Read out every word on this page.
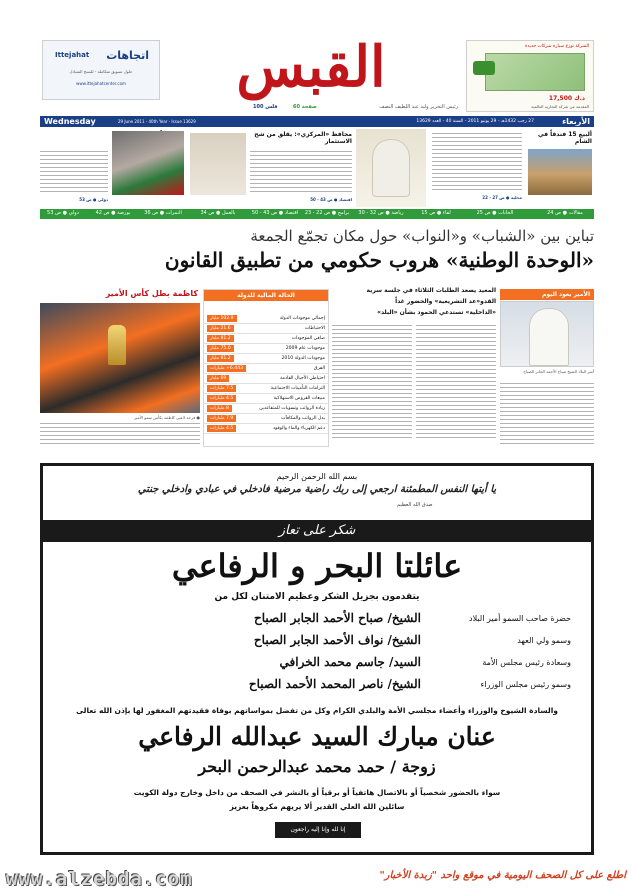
اتجاهات
Ittejahat
حلول تسويق متكاملة - للنسخ المتبادل
www.ittejahatcenter.com	القبس
رئيس التحرير وليد عبد اللطيف النصف
60 صفحة
100 فلس
الشركة توزع سيارة شركات جديدة
17,500 د.ك
المقدمة من شركة التجارية العالمية
Wednesday	29 June 2011 - 40th Year - Issue 13629	27 رجب 1432هـ - 29 يونيو 2011 - السنة 40 - العدد 13629	الأربعاء
دولي ● ص 53
محافظ «المركزي»: يقلق من شح الاستثمار
اقتصاد ● ص 43 - 50
ألبيع 15 فندقاً في الشام
محلية ● ص 27 - 22
دولي ● ص 53	التمرات ● ص 36	بالعمل ● ص 34	اقتصاد ● ص 43 - 50	برامج ● ص 22 - 23	رياضة ● ص 32 - 30	لقاء ● ص 15	الخانات ● ص 25	مقالات ● ص 24
بورصة ● ص 42
تباين بين «الشباب» و«النواب» حول مكان تجمّع الجمعة
«الوحدة الوطنية» هروب حكومي من تطبيق القانون
الأمير يعود اليوم
أمير البلاد الشيخ صباح الأحمد الجابر الصباح
المعيد يصعد الطلبات الثلاثاء في جلسة سرية
القدو«عد التشريعية» والحضور غداً
«الداخلية» تستدعي الحمود بشأن «البلد»
الحالة المالية للدولة
إجمالي موجودات الدولة
102.9 مليار
الاحتياطات
21.6 مليار
صافي الموجودات
81.2 مليار
موجودات عام 2009
75.0 مليار
موجودات الدولة 2010
81.2 مليار
الفرق
6.443+ مليارات
احتياطي الأجيال القادمة
69 مليار
التزامات التأمينات الاجتماعية
7.5 مليارات
مبيعات القروض الاستهلاكية
4.5 مليارات
زيادة الرواتب وتسويات للمتقاعدين
8 مليارات
بدل الرواتب والمكافآت
7.9 مليارات
دعم الكهرباء والماء والوقود
4.5 مليارات
كاظمة بطل كأس الأمير
● فرحة لاعبي كاظمة بكأس سمو الأمير
بسم الله الرحمن الرحيم
يا أيتها النفس المطمئنة ارجعي إلى ربك راضية مرضية فادخلي في عبادي وادخلي جنتي
صدق الله العظيم
شكر على تعاز
عائلتا البحر و الرفاعي
يتقدمون بجزيل الشكر وعظيم الامتنان لكل من
حضرة صاحب السمو أمير البلاد
الشيخ/ صباح الأحمد الجابر الصباح
وسمو ولي العهد
الشيخ/ نواف الأحمد الجابر الصباح
وسعادة رئيس مجلس الأمة
السيد/ جاسم محمد الخرافي
وسمو رئيس مجلس الوزراء
الشيخ/ ناصر المحمد الأحمد الصباح
والسادة الشيوخ والوزراء وأعضاء مجلسي الأمة والبلدي الكرام وكل من تفضل بمواساتهم بوفاة فقيدتهم المغفور لها بإذن الله تعالى
عنان مبارك السيد عبدالله الرفاعي
زوجة / حمد محمد عبدالرحمن البحر
سواء بالحضور شخصياً أو بالاتصال هاتفياً أو برقياً أو بالنشر في الصحف من داخل وخارج دولة الكويت
سائلين الله العلي القدير ألا يريهم مكروهاً بعزيز
إنا لله وإنا إليه راجعون
www.alzebda.com	اطلع على كل الصحف اليومية في موقع واحد "زبدة الأخبار"
